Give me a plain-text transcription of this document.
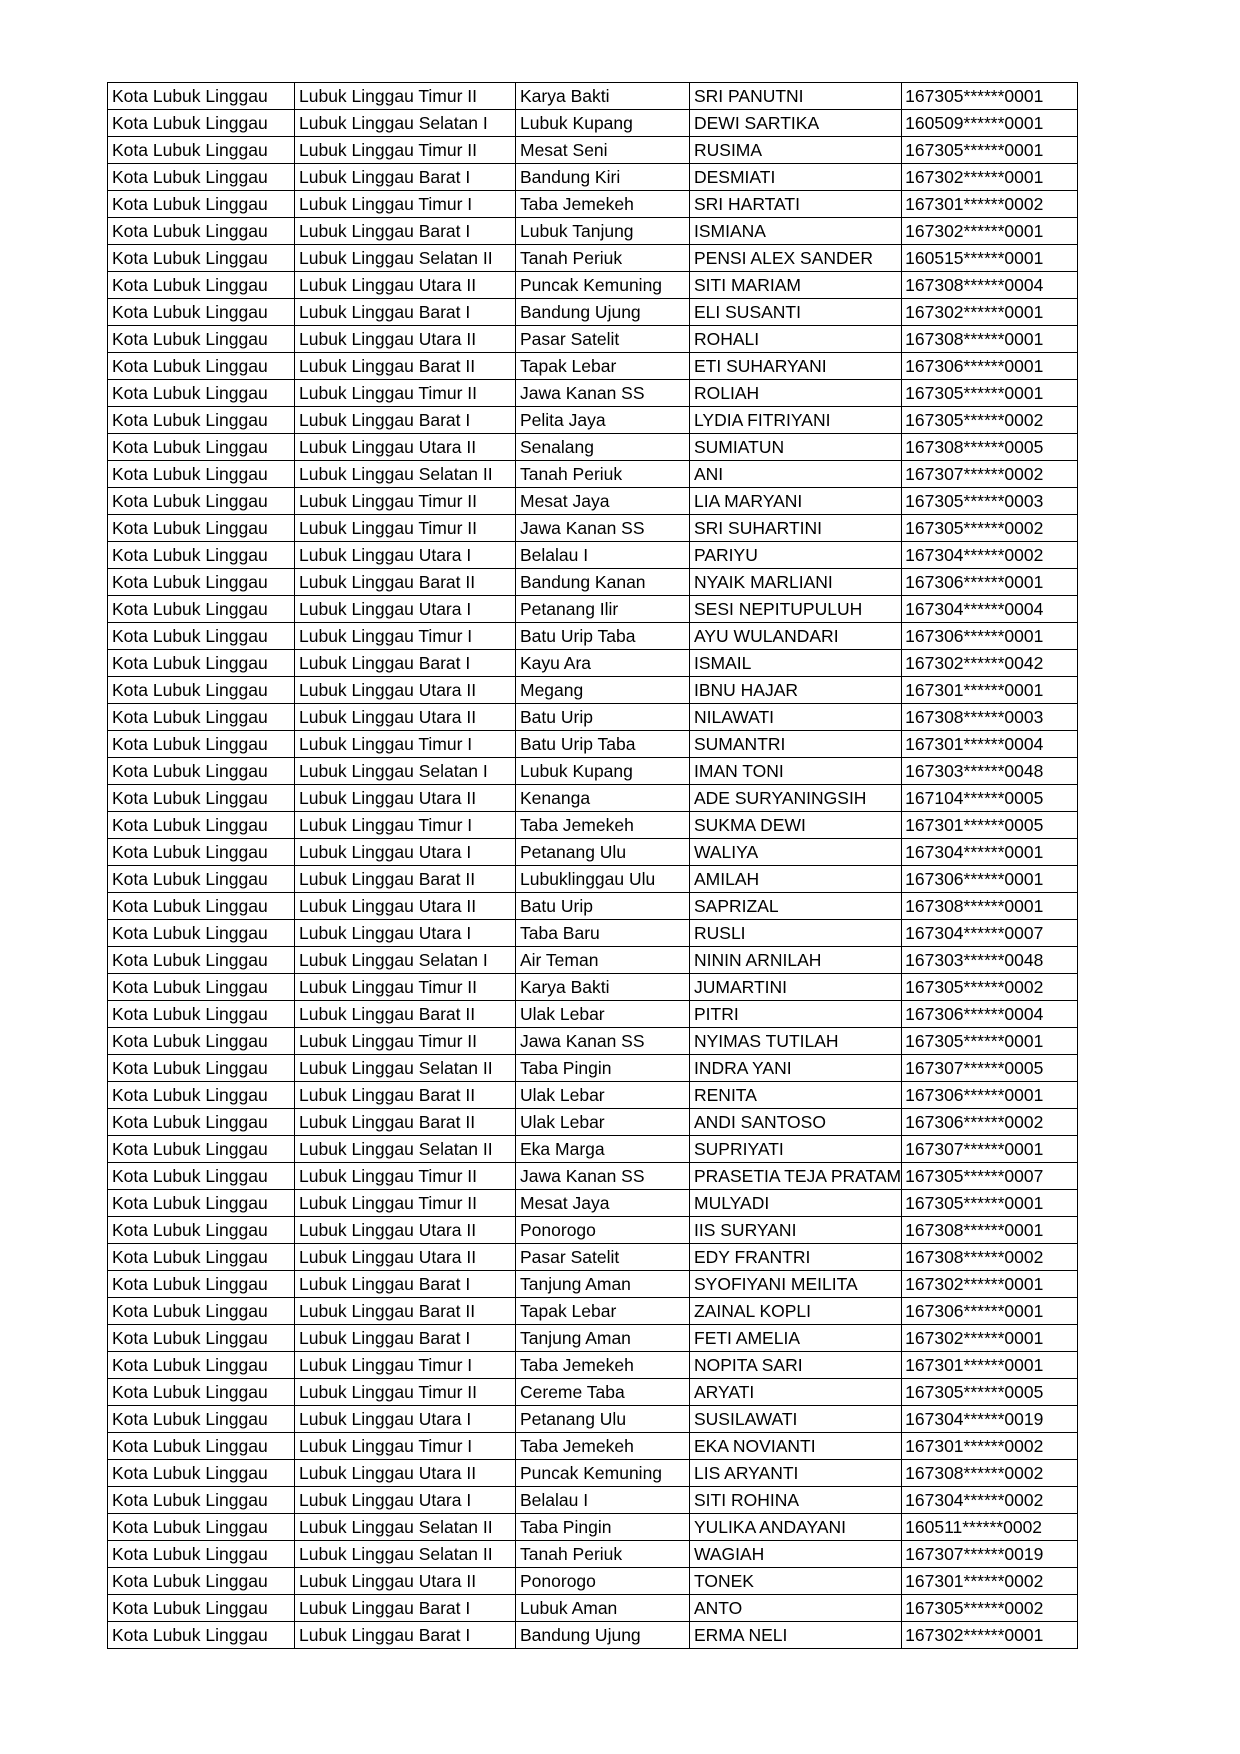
Kota Lubuk Linggau	Lubuk Linggau Timur II	Karya Bakti	SRI PANUTNI	167305******0001
Kota Lubuk Linggau	Lubuk Linggau Selatan I	Lubuk Kupang	DEWI SARTIKA	160509******0001
Kota Lubuk Linggau	Lubuk Linggau Timur II	Mesat Seni	RUSIMA	167305******0001
Kota Lubuk Linggau	Lubuk Linggau Barat I	Bandung Kiri	DESMIATI	167302******0001
Kota Lubuk Linggau	Lubuk Linggau Timur I	Taba Jemekeh	SRI HARTATI	167301******0002
Kota Lubuk Linggau	Lubuk Linggau Barat I	Lubuk Tanjung	ISMIANA	167302******0001
Kota Lubuk Linggau	Lubuk Linggau Selatan II	Tanah Periuk	PENSI ALEX SANDER	160515******0001
Kota Lubuk Linggau	Lubuk Linggau Utara II	Puncak Kemuning	SITI MARIAM	167308******0004
Kota Lubuk Linggau	Lubuk Linggau Barat I	Bandung Ujung	ELI SUSANTI	167302******0001
Kota Lubuk Linggau	Lubuk Linggau Utara II	Pasar Satelit	ROHALI	167308******0001
Kota Lubuk Linggau	Lubuk Linggau Barat II	Tapak Lebar	ETI SUHARYANI	167306******0001
Kota Lubuk Linggau	Lubuk Linggau Timur II	Jawa Kanan SS	ROLIAH	167305******0001
Kota Lubuk Linggau	Lubuk Linggau Barat I	Pelita Jaya	LYDIA FITRIYANI	167305******0002
Kota Lubuk Linggau	Lubuk Linggau Utara II	Senalang	SUMIATUN	167308******0005
Kota Lubuk Linggau	Lubuk Linggau Selatan II	Tanah Periuk	ANI	167307******0002
Kota Lubuk Linggau	Lubuk Linggau Timur II	Mesat Jaya	LIA MARYANI	167305******0003
Kota Lubuk Linggau	Lubuk Linggau Timur II	Jawa Kanan SS	SRI SUHARTINI	167305******0002
Kota Lubuk Linggau	Lubuk Linggau Utara I	Belalau I	PARIYU	167304******0002
Kota Lubuk Linggau	Lubuk Linggau Barat II	Bandung Kanan	NYAIK MARLIANI	167306******0001
Kota Lubuk Linggau	Lubuk Linggau Utara I	Petanang Ilir	SESI NEPITUPULUH	167304******0004
Kota Lubuk Linggau	Lubuk Linggau Timur I	Batu Urip Taba	AYU WULANDARI	167306******0001
Kota Lubuk Linggau	Lubuk Linggau Barat I	Kayu Ara	ISMAIL	167302******0042
Kota Lubuk Linggau	Lubuk Linggau Utara II	Megang	IBNU HAJAR	167301******0001
Kota Lubuk Linggau	Lubuk Linggau Utara II	Batu Urip	NILAWATI	167308******0003
Kota Lubuk Linggau	Lubuk Linggau Timur I	Batu Urip Taba	SUMANTRI	167301******0004
Kota Lubuk Linggau	Lubuk Linggau Selatan I	Lubuk Kupang	IMAN TONI	167303******0048
Kota Lubuk Linggau	Lubuk Linggau Utara II	Kenanga	ADE SURYANINGSIH	167104******0005
Kota Lubuk Linggau	Lubuk Linggau Timur I	Taba Jemekeh	SUKMA DEWI	167301******0005
Kota Lubuk Linggau	Lubuk Linggau Utara I	Petanang Ulu	WALIYA	167304******0001
Kota Lubuk Linggau	Lubuk Linggau Barat II	Lubuklinggau Ulu	AMILAH	167306******0001
Kota Lubuk Linggau	Lubuk Linggau Utara II	Batu Urip	SAPRIZAL	167308******0001
Kota Lubuk Linggau	Lubuk Linggau Utara I	Taba Baru	RUSLI	167304******0007
Kota Lubuk Linggau	Lubuk Linggau Selatan I	Air Teman	NININ ARNILAH	167303******0048
Kota Lubuk Linggau	Lubuk Linggau Timur II	Karya Bakti	JUMARTINI	167305******0002
Kota Lubuk Linggau	Lubuk Linggau Barat II	Ulak Lebar	PITRI	167306******0004
Kota Lubuk Linggau	Lubuk Linggau Timur II	Jawa Kanan SS	NYIMAS TUTILAH	167305******0001
Kota Lubuk Linggau	Lubuk Linggau Selatan II	Taba Pingin	INDRA YANI	167307******0005
Kota Lubuk Linggau	Lubuk Linggau Barat II	Ulak Lebar	RENITA	167306******0001
Kota Lubuk Linggau	Lubuk Linggau Barat II	Ulak Lebar	ANDI SANTOSO	167306******0002
Kota Lubuk Linggau	Lubuk Linggau Selatan II	Eka Marga	SUPRIYATI	167307******0001
Kota Lubuk Linggau	Lubuk Linggau Timur II	Jawa Kanan SS	PRASETIA TEJA PRATAM	167305******0007
Kota Lubuk Linggau	Lubuk Linggau Timur II	Mesat Jaya	MULYADI	167305******0001
Kota Lubuk Linggau	Lubuk Linggau Utara II	Ponorogo	IIS SURYANI	167308******0001
Kota Lubuk Linggau	Lubuk Linggau Utara II	Pasar Satelit	EDY FRANTRI	167308******0002
Kota Lubuk Linggau	Lubuk Linggau Barat I	Tanjung Aman	SYOFIYANI MEILITA	167302******0001
Kota Lubuk Linggau	Lubuk Linggau Barat II	Tapak Lebar	ZAINAL KOPLI	167306******0001
Kota Lubuk Linggau	Lubuk Linggau Barat I	Tanjung Aman	FETI AMELIA	167302******0001
Kota Lubuk Linggau	Lubuk Linggau Timur I	Taba Jemekeh	NOPITA SARI	167301******0001
Kota Lubuk Linggau	Lubuk Linggau Timur II	Cereme Taba	ARYATI	167305******0005
Kota Lubuk Linggau	Lubuk Linggau Utara I	Petanang Ulu	SUSILAWATI	167304******0019
Kota Lubuk Linggau	Lubuk Linggau Timur I	Taba Jemekeh	EKA NOVIANTI	167301******0002
Kota Lubuk Linggau	Lubuk Linggau Utara II	Puncak Kemuning	LIS ARYANTI	167308******0002
Kota Lubuk Linggau	Lubuk Linggau Utara I	Belalau I	SITI ROHINA	167304******0002
Kota Lubuk Linggau	Lubuk Linggau Selatan II	Taba Pingin	YULIKA ANDAYANI	160511******0002
Kota Lubuk Linggau	Lubuk Linggau Selatan II	Tanah Periuk	WAGIAH	167307******0019
Kota Lubuk Linggau	Lubuk Linggau Utara II	Ponorogo	TONEK	167301******0002
Kota Lubuk Linggau	Lubuk Linggau Barat I	Lubuk Aman	ANTO	167305******0002
Kota Lubuk Linggau	Lubuk Linggau Barat I	Bandung Ujung	ERMA NELI	167302******0001
